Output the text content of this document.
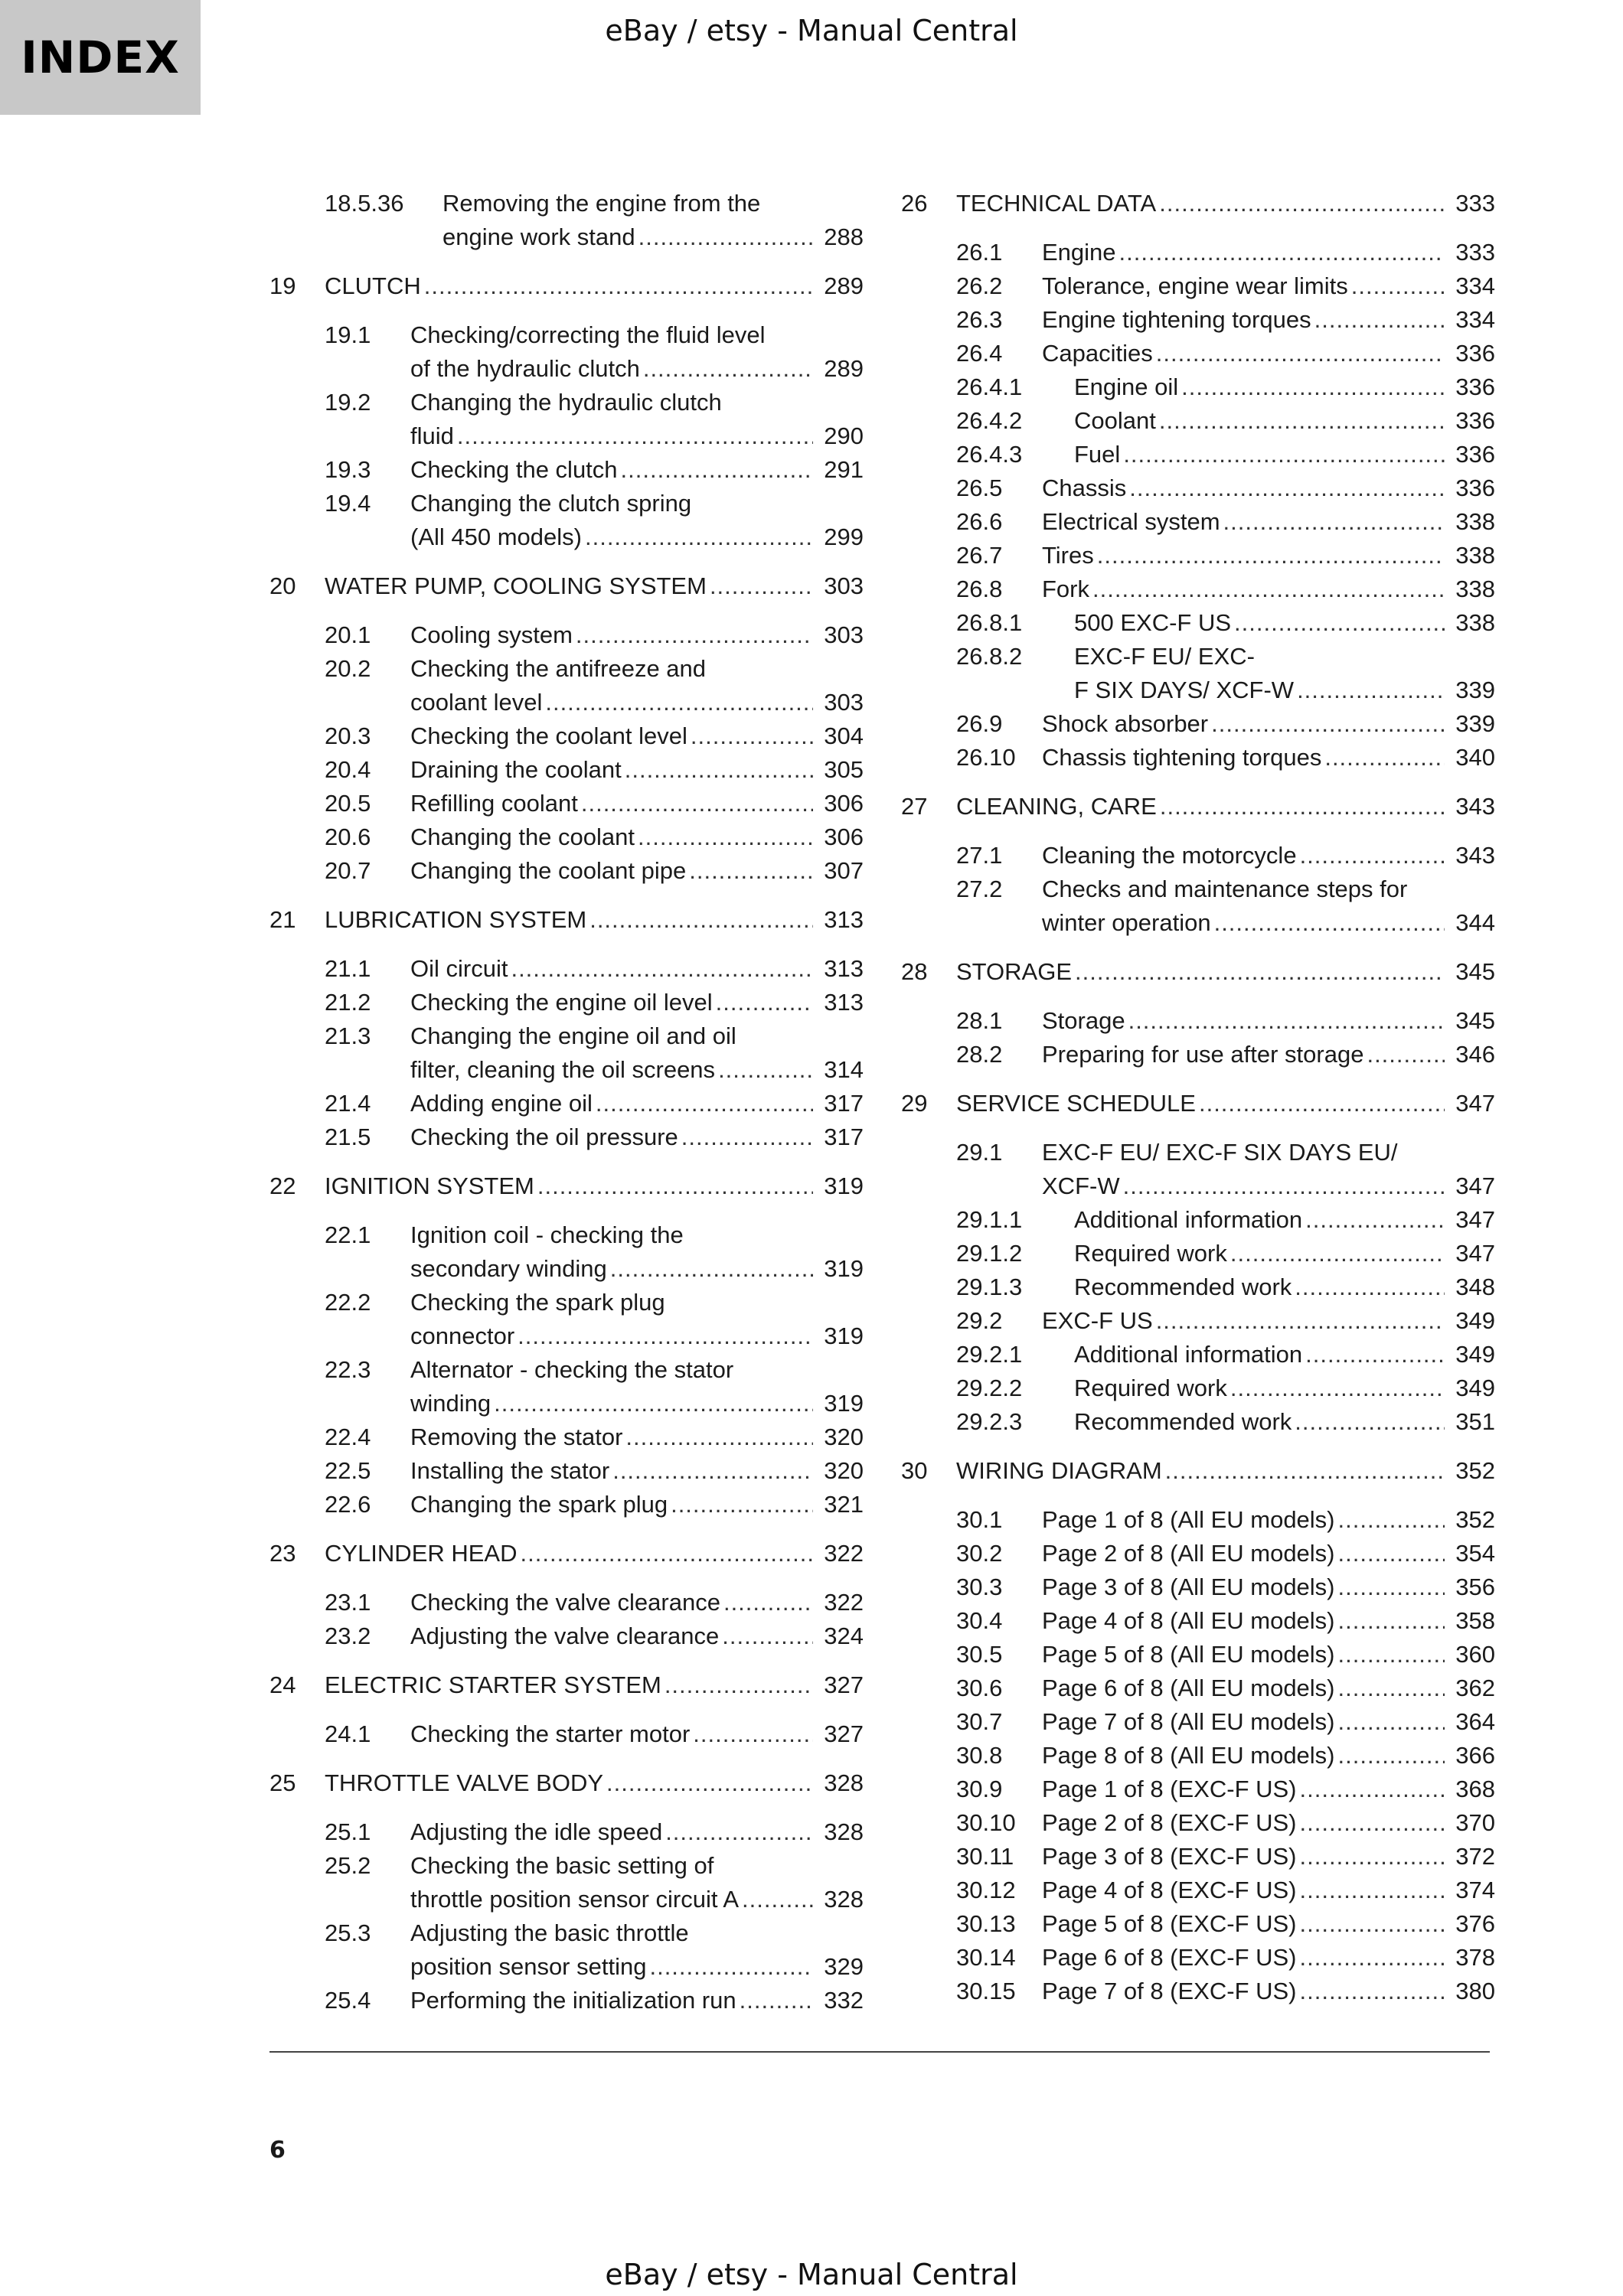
INDEX
eBay / etsy - Manual Central
18.5.36 Removing the engine from the
engine work stand .....	288
19 CLUTCH .....	289
19.1 Checking/correcting the fluid level
of the hydraulic clutch .....	289
19.2 Changing the hydraulic clutch
fluid .....	290
19.3 Checking the clutch .....	291
19.4 Changing the clutch spring
(All 450 models) .....	299
20 WATER PUMP, COOLING SYSTEM .....	303
20.1 Cooling system .....	303
20.2 Checking the antifreeze and
coolant level .....	303
20.3 Checking the coolant level .....	304
20.4 Draining the coolant .....	305
20.5 Refilling coolant .....	306
20.6 Changing the coolant .....	306
20.7 Changing the coolant pipe .....	307
21 LUBRICATION SYSTEM .....	313
21.1 Oil circuit .....	313
21.2 Checking the engine oil level .....	313
21.3 Changing the engine oil and oil
filter, cleaning the oil screens .....	314
21.4 Adding engine oil .....	317
21.5 Checking the oil pressure .....	317
22 IGNITION SYSTEM .....	319
22.1 Ignition coil - checking the
secondary winding .....	319
22.2 Checking the spark plug
connector .....	319
22.3 Alternator - checking the stator
winding .....	319
22.4 Removing the stator .....	320
22.5 Installing the stator .....	320
22.6 Changing the spark plug .....	321
23 CYLINDER HEAD .....	322
23.1 Checking the valve clearance .....	322
23.2 Adjusting the valve clearance .....	324
24 ELECTRIC STARTER SYSTEM .....	327
24.1 Checking the starter motor .....	327
25 THROTTLE VALVE BODY .....	328
25.1 Adjusting the idle speed .....	328
25.2 Checking the basic setting of
throttle position sensor circuit A .....	328
25.3 Adjusting the basic throttle
position sensor setting .....	329
25.4 Performing the initialization run .....	332
26 TECHNICAL DATA .....	333
26.1 Engine .....	333
26.2 Tolerance, engine wear limits .....	334
26.3 Engine tightening torques .....	334
26.4 Capacities .....	336
26.4.1 Engine oil .....	336
26.4.2 Coolant .....	336
26.4.3 Fuel .....	336
26.5 Chassis .....	336
26.6 Electrical system .....	338
26.7 Tires .....	338
26.8 Fork .....	338
26.8.1 500 EXC-F US .....	338
26.8.2 EXC-F EU/ EXC-
F SIX DAYS/ XCF-W .....	339
26.9 Shock absorber .....	339
26.10 Chassis tightening torques .....	340
27 CLEANING, CARE .....	343
27.1 Cleaning the motorcycle .....	343
27.2 Checks and maintenance steps for
winter operation .....	344
28 STORAGE .....	345
28.1 Storage .....	345
28.2 Preparing for use after storage .....	346
29 SERVICE SCHEDULE .....	347
29.1 EXC-F EU/ EXC-F SIX DAYS EU/
XCF-W .....	347
29.1.1 Additional information .....	347
29.1.2 Required work .....	347
29.1.3 Recommended work .....	348
29.2 EXC-F US .....	349
29.2.1 Additional information .....	349
29.2.2 Required work .....	349
29.2.3 Recommended work .....	351
30 WIRING DIAGRAM .....	352
30.1 Page 1 of 8 (All EU models) .....	352
30.2 Page 2 of 8 (All EU models) .....	354
30.3 Page 3 of 8 (All EU models) .....	356
30.4 Page 4 of 8 (All EU models) .....	358
30.5 Page 5 of 8 (All EU models) .....	360
30.6 Page 6 of 8 (All EU models) .....	362
30.7 Page 7 of 8 (All EU models) .....	364
30.8 Page 8 of 8 (All EU models) .....	366
30.9 Page 1 of 8 (EXC-F US) .....	368
30.10 Page 2 of 8 (EXC-F US) .....	370
30.11 Page 3 of 8 (EXC-F US) .....	372
30.12 Page 4 of 8 (EXC-F US) .....	374
30.13 Page 5 of 8 (EXC-F US) .....	376
30.14 Page 6 of 8 (EXC-F US) .....	378
30.15 Page 7 of 8 (EXC-F US) .....	380
6
eBay / etsy - Manual Central
